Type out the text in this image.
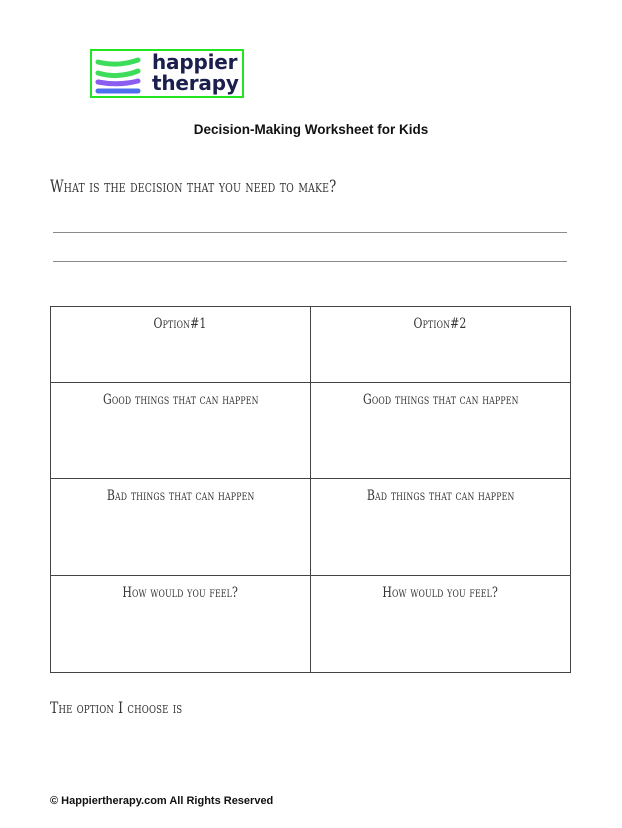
happier
therapy
Decision-Making Worksheet for Kids
What is the decision that you need to make?
Option#1	Option#2
Good things that can happen	Good things that can happen
Bad things that can happen	Bad things that can happen
How would you feel?	How would you feel?
The option I choose is
© Happiertherapy.com All Rights Reserved
